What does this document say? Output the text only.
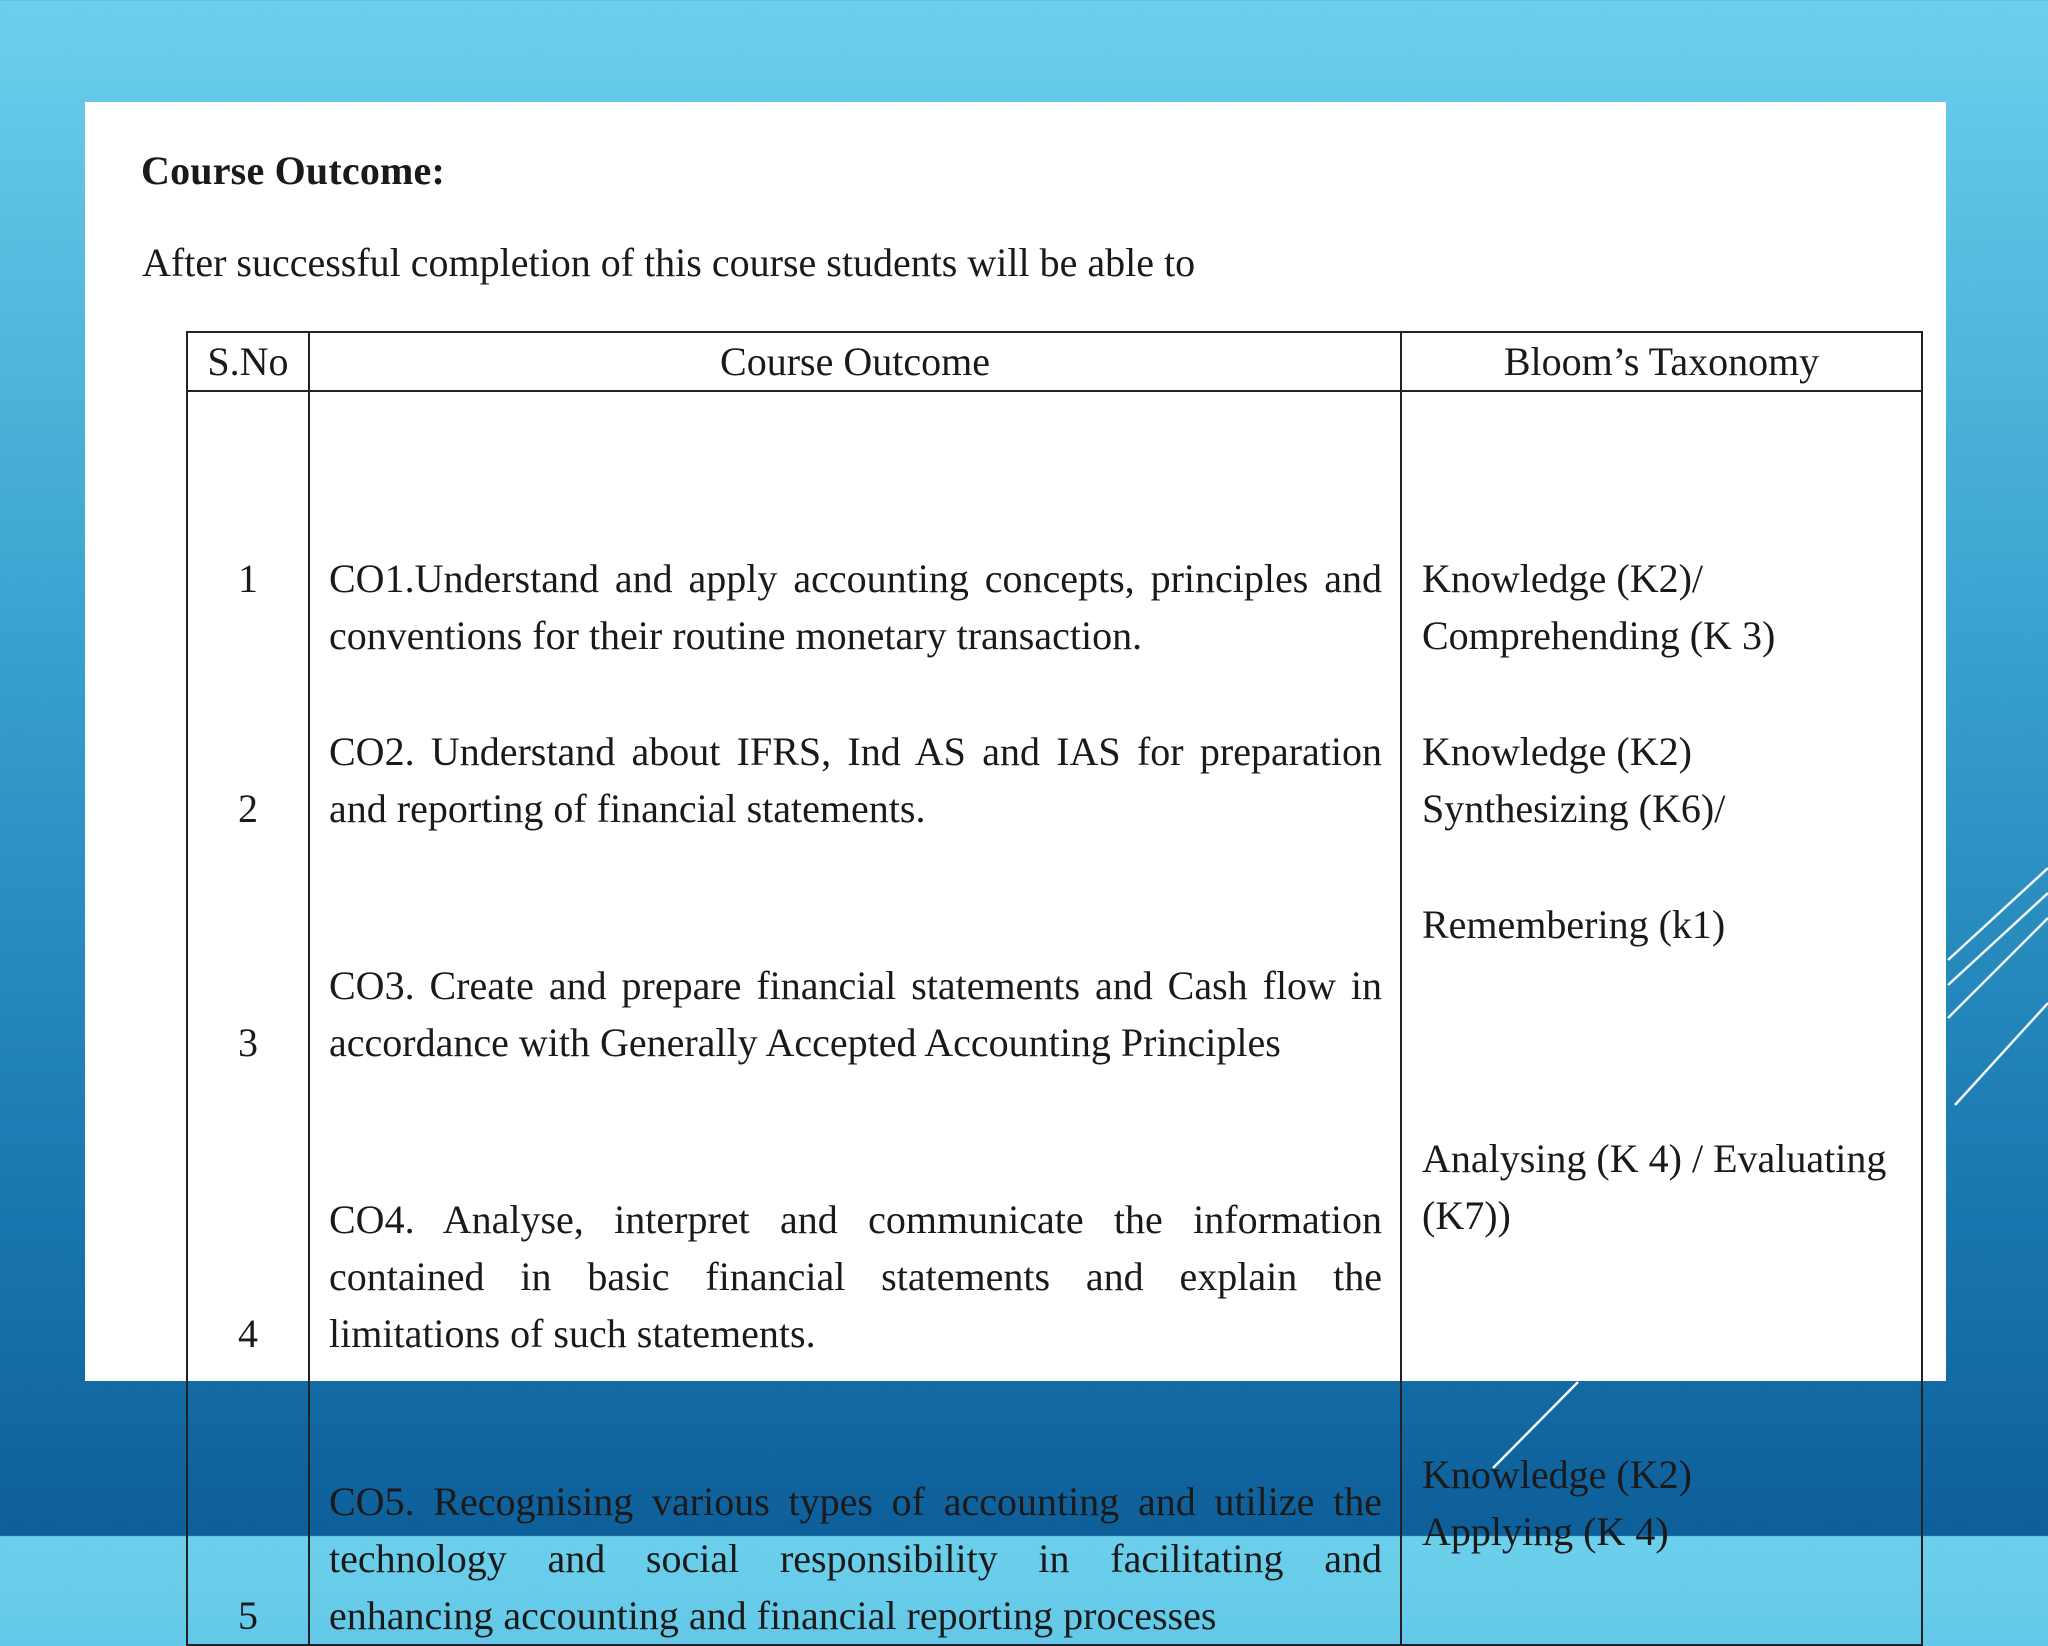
Course Outcome:

After successful completion of this course students will be able to

S.No	Course Outcome	Bloom’s Taxonomy
1	CO1.Understand and apply accounting concepts, principles and
conventions for their routine monetary transaction.	Knowledge (K2)/
Comprehending (K 3)

2	CO2. Understand about IFRS, Ind AS and IAS for preparation
and reporting of financial statements.	Knowledge (K2)
Synthesizing (K6)/

3	CO3. Create and prepare financial statements and Cash flow in
accordance with Generally Accepted Accounting Principles	Remembering (k1)

4	CO4. Analyse, interpret and communicate the information
contained in basic financial statements and explain the
limitations of such statements.	Analysing (K 4) / Evaluating
(K7))

5	CO5. Recognising various types of accounting and utilize the
technology and social responsibility in facilitating and
enhancing accounting and financial reporting processes	Knowledge (K2)
Applying (K 4)
